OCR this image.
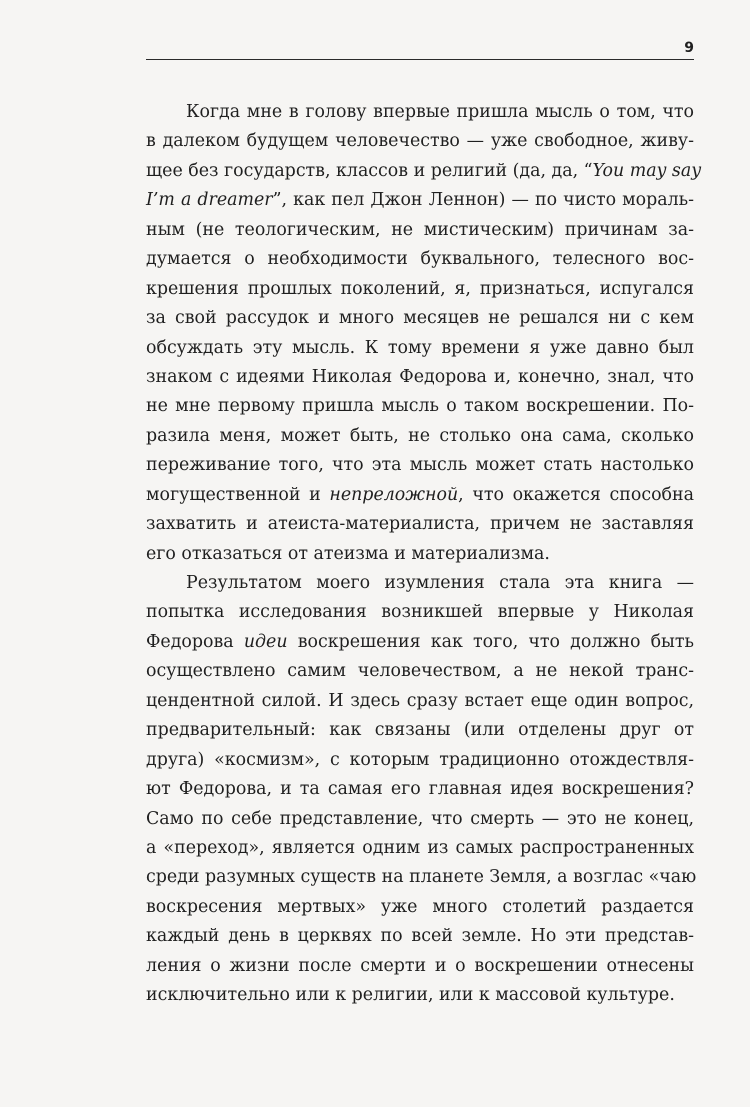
9
Когда мне в голову впервые пришла мысль о том, что
в далеком будущем человечество — уже свободное, живу-
щее без государств, классов и религий (да, да, “You may say
I’m a dreamer”, как пел Джон Леннон) — по чисто мораль-
ным (не теологическим, не мистическим) причинам за-
думается о необходимости буквального, телесного вос-
крешения прошлых поколений, я, признаться, испугался
за свой рассудок и много месяцев не решался ни с кем
обсуждать эту мысль. К тому времени я уже давно был
знаком с идеями Николая Федорова и, конечно, знал, что
не мне первому пришла мысль о таком воскрешении. По-
разила меня, может быть, не столько она сама, сколько
переживание того, что эта мысль может стать настолько
могущественной и непреложной, что окажется способна
захватить и атеиста-материалиста, причем не заставляя
его отказаться от атеизма и материализма.
Результатом моего изумления стала эта книга —
попытка исследования возникшей впервые у Николая
Федорова идеи воскрешения как того, что должно быть
осуществлено самим человечеством, а не некой транс-
цендентной силой. И здесь сразу встает еще один вопрос,
предварительный: как связаны (или отделены друг от
друга) «космизм», с которым традиционно отождествля-
ют Федорова, и та самая его главная идея воскрешения?
Само по себе представление, что смерть — это не конец,
а «переход», является одним из самых распространенных
среди разумных существ на планете Земля, а возглас «чаю
воскресения мертвых» уже много столетий раздается
каждый день в церквях по всей земле. Но эти представ-
ления о жизни после смерти и о воскрешении отнесены
исключительно или к религии, или к массовой культуре.
